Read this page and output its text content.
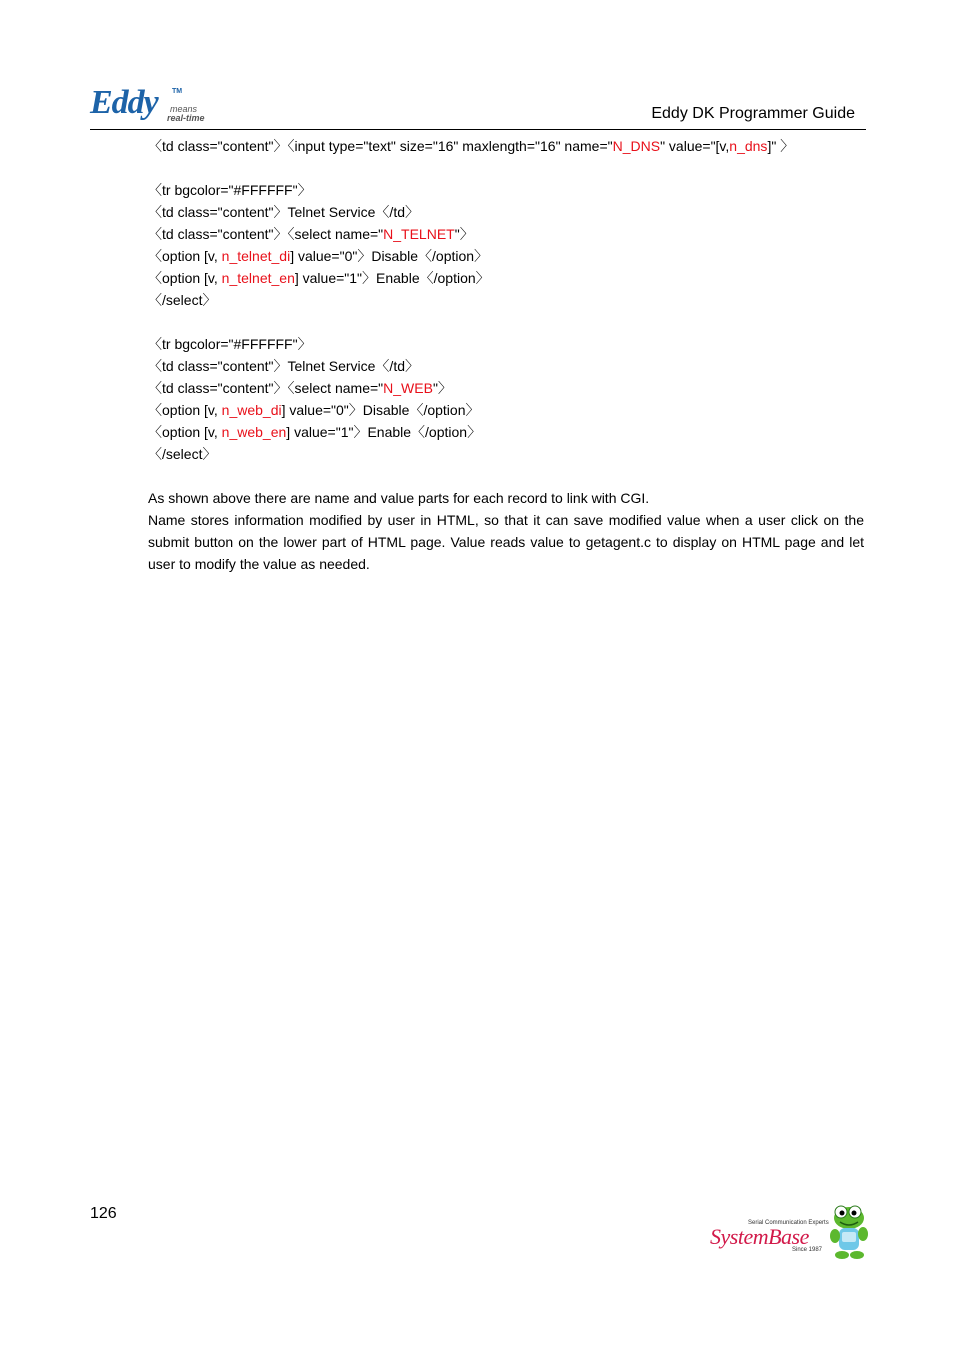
Eddy TM
means
real-time	Eddy DK Programmer Guide
〈td class="content"〉〈input type="text" size="16" maxlength="16" name="N_DNS" value="[v,n_dns]" 〉
〈tr bgcolor="#FFFFFF"〉
〈td class="content"〉Telnet Service〈/td〉
〈td class="content"〉〈select name="N_TELNET"〉
〈option [v, n_telnet_di] value="0"〉Disable〈/option〉
〈option [v, n_telnet_en] value="1"〉Enable〈/option〉
〈/select〉
〈tr bgcolor="#FFFFFF"〉
〈td class="content"〉Telnet Service〈/td〉
〈td class="content"〉〈select name="N_WEB"〉
〈option [v, n_web_di] value="0"〉Disable〈/option〉
〈option [v, n_web_en] value="1"〉Enable〈/option〉
〈/select〉
As shown above there are name and value parts for each record to link with CGI.
Name stores information modified by user in HTML, so that it can save modified value when a user click on the submit button on the lower part of HTML page. Value reads value to getagent.c to display on HTML page and let user to modify the value as needed.
126
Serial Communication Experts
SystemBase
Since 1987
